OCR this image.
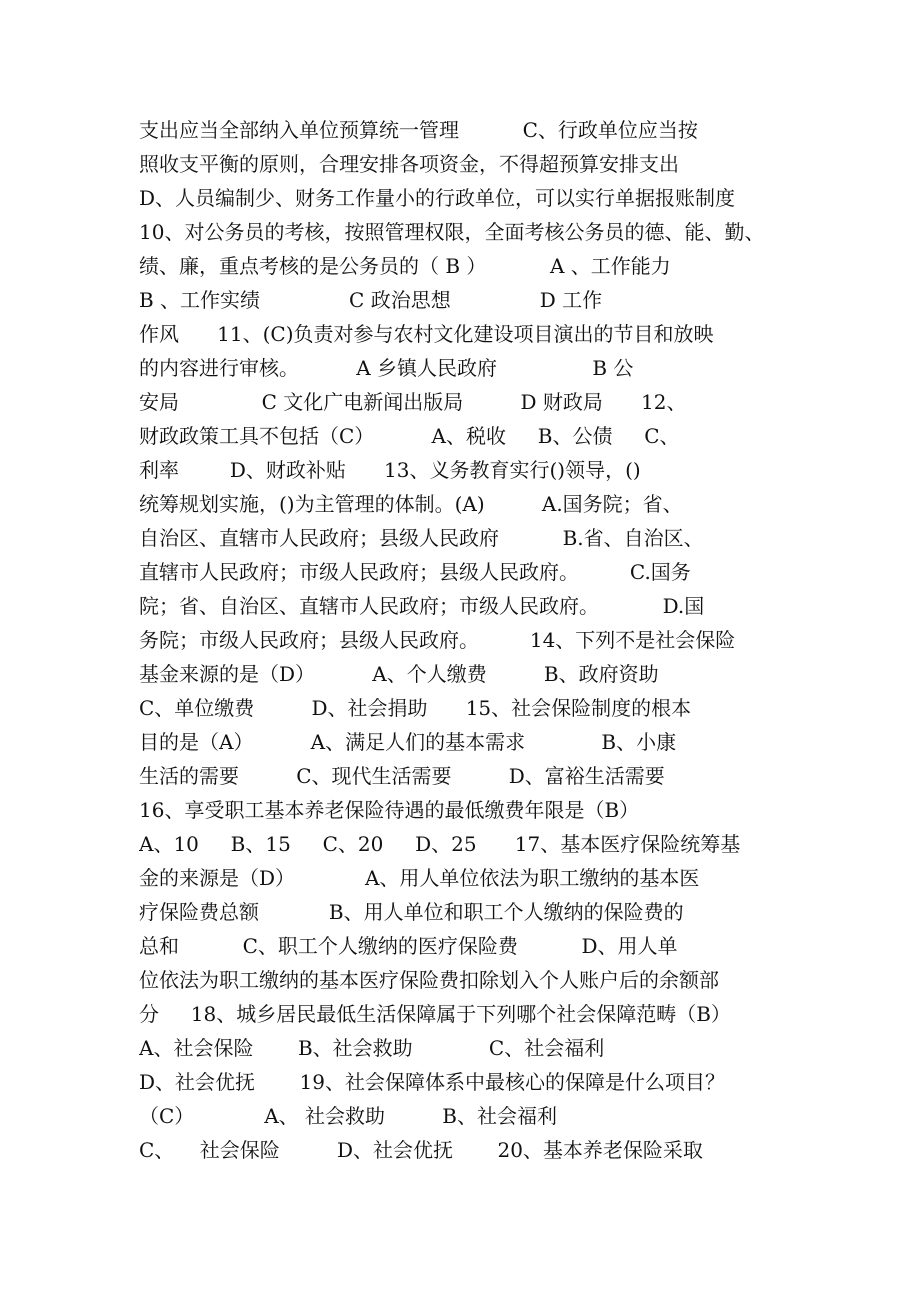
支出应当全部纳入单位预算统一管理          C、行政单位应当按
照收支平衡的原则，合理安排各项资金，不得超预算安排支出
D、人员编制少、财务工作量小的行政单位，可以实行单据报账制度
10、对公务员的考核，按照管理权限，全面考核公务员的德、能、勤、
绩、廉，重点考核的是公务员的（ B ）          A 、工作能力
B 、工作实绩              C 政治思想              D 工作
作风      11、(C)负责对参与农村文化建设项目演出的节目和放映
的内容进行审核。         A 乡镇人民政府               B 公
安局             C 文化广电新闻出版局         D 财政局      12、
财政政策工具不包括（C）         A、税收     B、公债     C、
利率        D、财政补贴      13、义务教育实行()领导，()
统筹规划实施，()为主管理的体制。(A)         A.国务院；省、
自治区、直辖市人民政府；县级人民政府          B.省、自治区、
直辖市人民政府；市级人民政府；县级人民政府。        C.国务
院；省、自治区、直辖市人民政府；市级人民政府。          D.国
务院；市级人民政府；县级人民政府。        14、下列不是社会保险
基金来源的是（D）         A、个人缴费         B、政府资助
C、单位缴费         D、社会捐助      15、社会保险制度的根本
目的是（A）         A、满足人们的基本需求            B、小康
生活的需要         C、现代生活需要         D、富裕生活需要
16、享受职工基本养老保险待遇的最低缴费年限是（B）
A、10     B、15     C、20     D、25      17、基本医疗保险统筹基
金的来源是（D）           A、用人单位依法为职工缴纳的基本医
疗保险费总额           B、用人单位和职工个人缴纳的保险费的
总和          C、职工个人缴纳的医疗保险费          D、用人单
位依法为职工缴纳的基本医疗保险费扣除划入个人账户后的余额部
分     18、城乡居民最低生活保障属于下列哪个社会保障范畴（B）
A、社会保险       B、社会救助            C、社会福利
D、社会优抚       19、社会保障体系中最核心的保障是什么项目？
（C）           A、 社会救助         B、社会福利
C、    社会保险         D、社会优抚       20、基本养老保险采取
